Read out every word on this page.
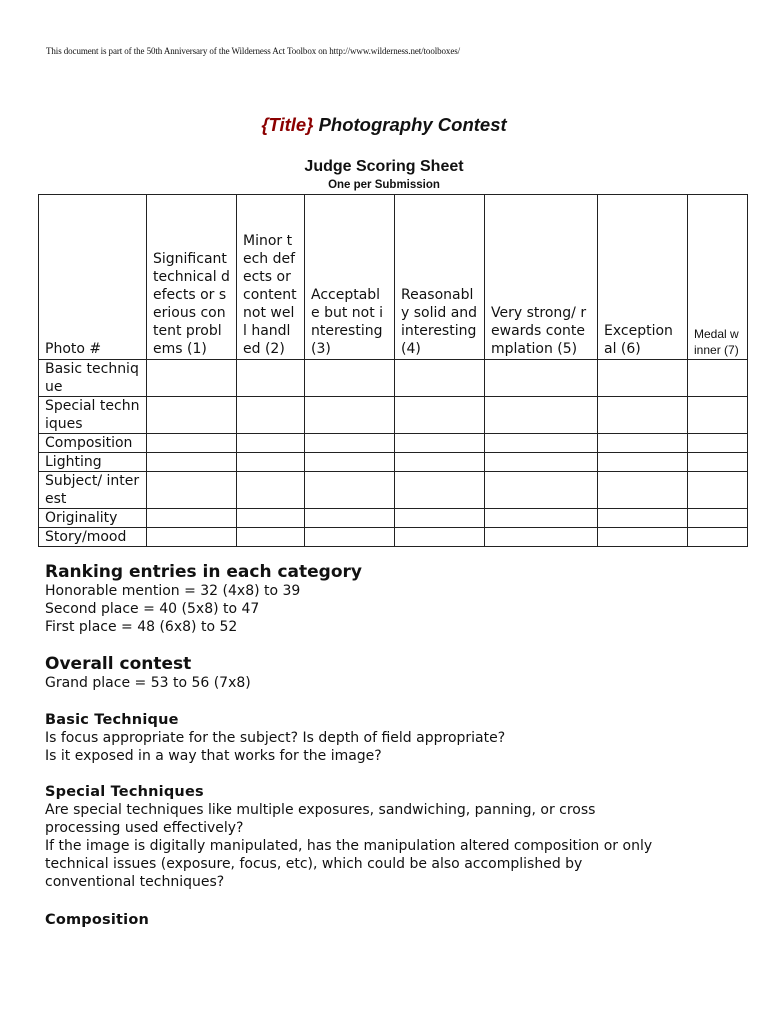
This document is part of the 50th Anniversary of the Wilderness Act Toolbox on http://www.wilderness.net/toolboxes/
{Title} Photography Contest
Judge Scoring Sheet
One per Submission
Photo #	Significant technical defects or serious content problems (1)	Minor tech defects or content not well handled (2)	Acceptable but not interesting (3)	Reasonably solid and interesting (4)	Very strong/ rewards contemplation (5)	Exceptional (6)	Medal winner (7)
Basic technique							
Special techniques							
Composition							
Lighting							
Subject/ interest							
Originality							
Story/mood							
Ranking entries in each category
Honorable mention = 32 (4x8) to 39
Second place = 40 (5x8) to 47
First place = 48 (6x8) to 52
Overall contest
Grand place = 53 to 56 (7x8)
Basic Technique
Is focus appropriate for the subject? Is depth of field appropriate?
Is it exposed in a way that works for the image?
Special Techniques
Are special techniques like multiple exposures, sandwiching, panning, or cross
processing used effectively?
If the image is digitally manipulated, has the manipulation altered composition or only
technical issues (exposure, focus, etc), which could be also accomplished by
conventional techniques?
Composition
